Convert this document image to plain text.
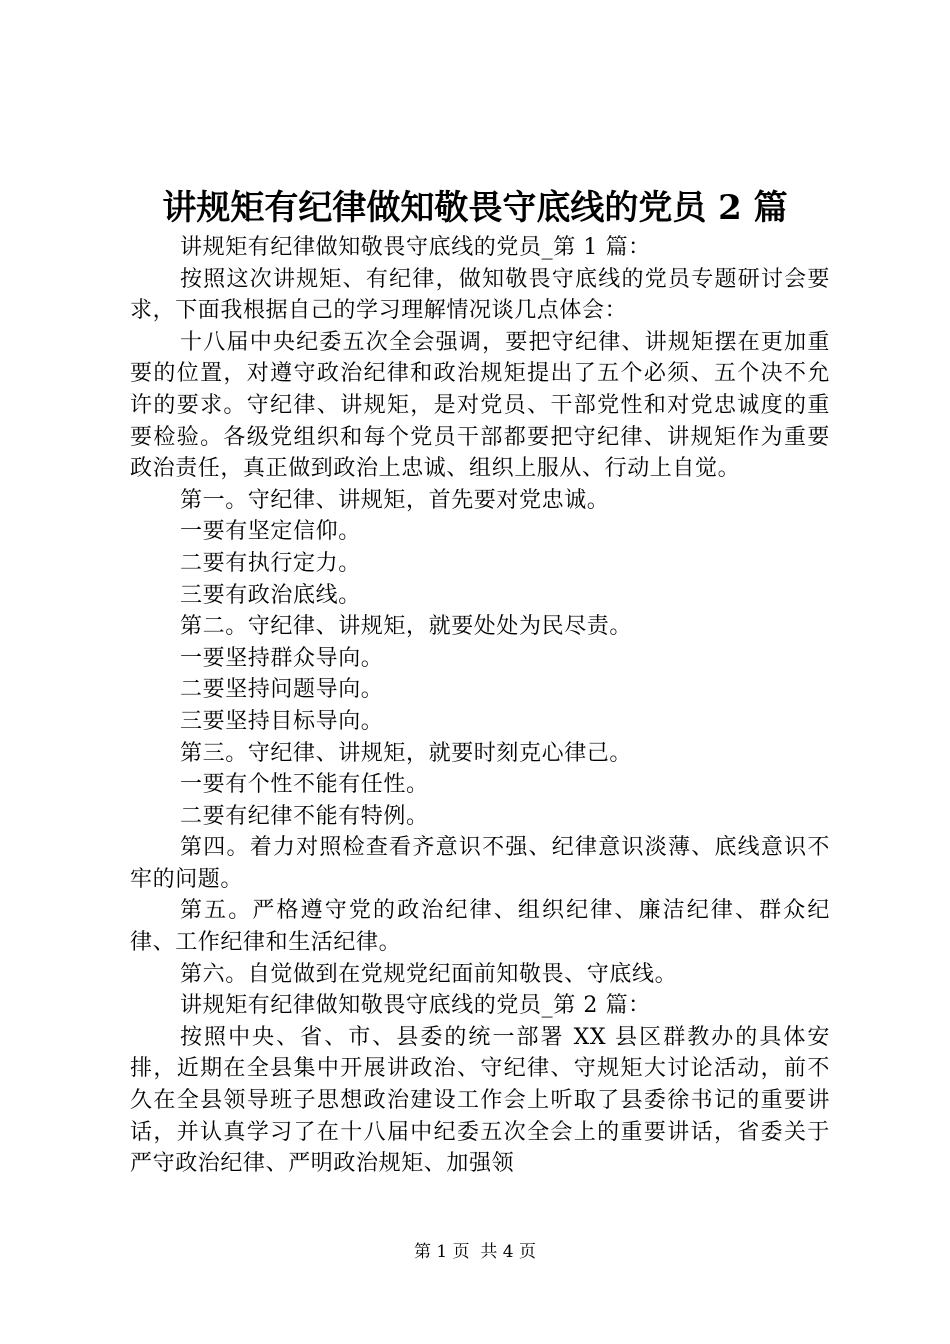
讲规矩有纪律做知敬畏守底线的党员 2 篇

讲规矩有纪律做知敬畏守底线的党员_第 1 篇：

按照这次讲规矩、有纪律，做知敬畏守底线的党员专题研讨会要求，下面我根据自己的学习理解情况谈几点体会：

十八届中央纪委五次全会强调，要把守纪律、讲规矩摆在更加重要的位置，对遵守政治纪律和政治规矩提出了五个必须、五个决不允许的要求。守纪律、讲规矩，是对党员、干部党性和对党忠诚度的重要检验。各级党组织和每个党员干部都要把守纪律、讲规矩作为重要政治责任，真正做到政治上忠诚、组织上服从、行动上自觉。

第一。守纪律、讲规矩，首先要对党忠诚。

一要有坚定信仰。

二要有执行定力。

三要有政治底线。

第二。守纪律、讲规矩，就要处处为民尽责。

一要坚持群众导向。

二要坚持问题导向。

三要坚持目标导向。

第三。守纪律、讲规矩，就要时刻克心律己。

一要有个性不能有任性。

二要有纪律不能有特例。

第四。着力对照检查看齐意识不强、纪律意识淡薄、底线意识不牢的问题。

第五。严格遵守党的政治纪律、组织纪律、廉洁纪律、群众纪律、工作纪律和生活纪律。

第六。自觉做到在党规党纪面前知敬畏、守底线。

讲规矩有纪律做知敬畏守底线的党员_第 2 篇：

按照中央、省、市、县委的统一部署 XX 县区群教办的具体安排，近期在全县集中开展讲政治、守纪律、守规矩大讨论活动，前不久在全县领导班子思想政治建设工作会上听取了县委徐书记的重要讲话，并认真学习了在十八届中纪委五次全会上的重要讲话，省委关于严守政治纪律、严明政治规矩、加强领

第 1 页  共 4 页
